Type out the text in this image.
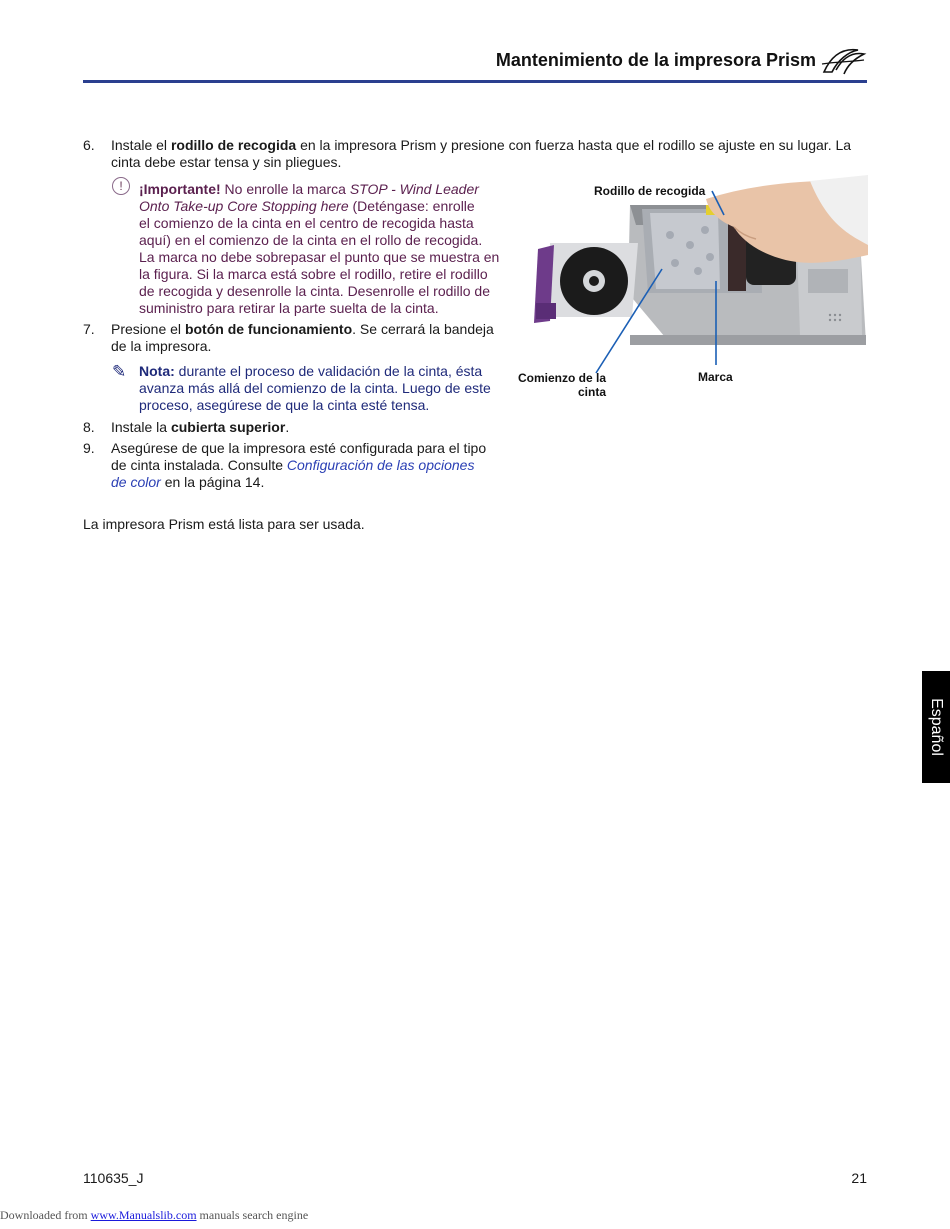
Mantenimiento de la impresora Prism
6. Instale el rodillo de recogida en la impresora Prism y presione con fuerza hasta que el rodillo se ajuste en su lugar. La
cinta debe estar tensa y sin pliegues.
!	¡Importante! No enrolle la marca STOP - Wind Leader
Onto Take-up Core Stopping here (Deténgase: enrolle
el comienzo de la cinta en el centro de recogida hasta
aquí) en el comienzo de la cinta en el rollo de recogida.
La marca no debe sobrepasar el punto que se muestra en
la figura. Si la marca está sobre el rodillo, retire el rodillo
de recogida y desenrolle la cinta. Desenrolle el rodillo de
suministro para retirar la parte suelta de la cinta.
7. Presione el botón de funcionamiento. Se cerrará la bandeja
de la impresora.
✎ Nota: durante el proceso de validación de la cinta, ésta
avanza más allá del comienzo de la cinta. Luego de este
proceso, asegúrese de que la cinta esté tensa.
8. Instale la cubierta superior.
9. Asegúrese de que la impresora esté configurada para el tipo
de cinta instalada. Consulte Configuración de las opciones
de color en la página 14.
Rodillo de recogida
Comienzo de la
cinta
Marca
La impresora Prism está lista para ser usada.
Español
110635_J	21
Downloaded from www.Manualslib.com manuals search engine
